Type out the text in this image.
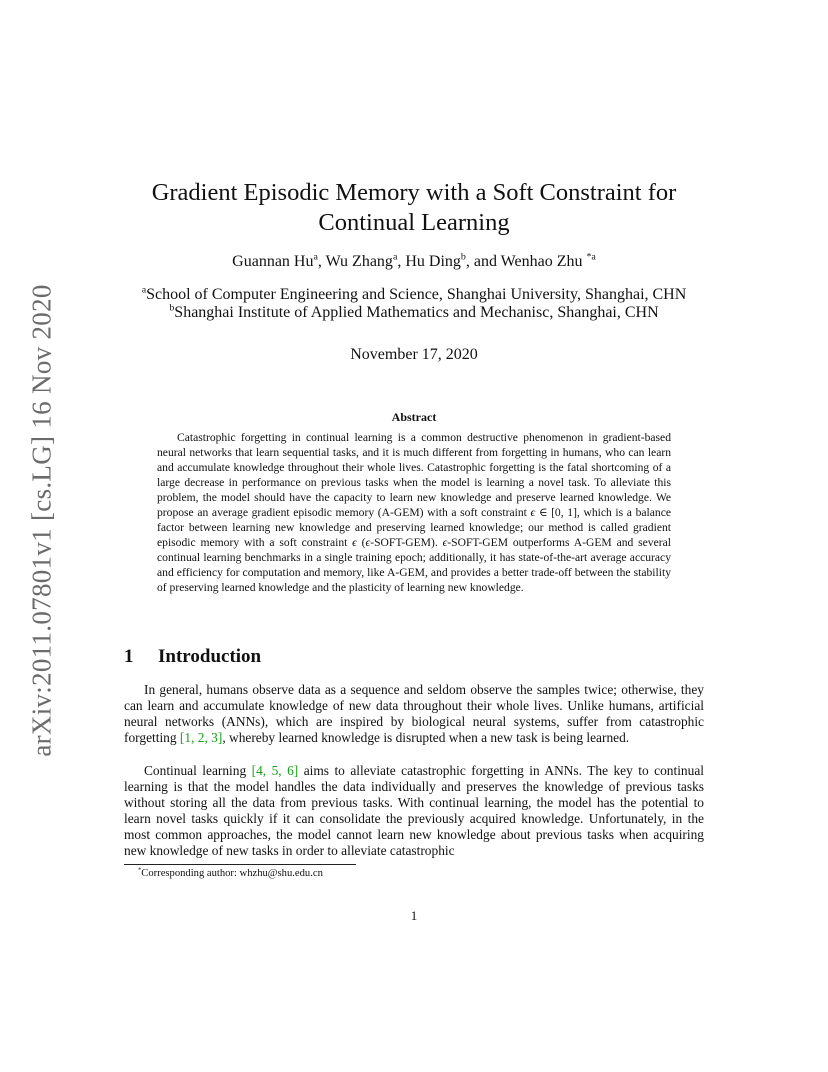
arXiv:2011.07801v1 [cs.LG] 16 Nov 2020
Gradient Episodic Memory with a Soft Constraint for
Continual Learning
Guannan Hu$^a$, Wu Zhang$^a$, Hu Ding$^b$, and Wenhao Zhu $^{*a}$
$^a$School of Computer Engineering and Science, Shanghai University, Shanghai, CHN
$^b$Shanghai Institute of Applied Mathematics and Mechanisc, Shanghai, CHN
November 17, 2020
Abstract

Catastrophic forgetting in continual learning is a common destructive phenomenon in gradient-based neural networks that learn sequential tasks, and it is much different from forgetting in humans, who can learn and accumulate knowledge throughout their whole lives. Catastrophic forgetting is the fatal shortcoming of a large decrease in performance on previous tasks when the model is learning a novel task. To alleviate this problem, the model should have the capacity to learn new knowledge and preserve learned knowledge. We propose an average gradient episodic memory (A-GEM) with a soft constraint ϵ ∈ [0, 1], which is a balance factor between learning new knowledge and preserving learned knowledge; our method is called gradient episodic memory with a soft constraint ϵ (ϵ-SOFT-GEM). ϵ-SOFT-GEM outperforms A-GEM and several continual learning benchmarks in a single training epoch; additionally, it has state-of-the-art average accuracy and efficiency for computation and memory, like A-GEM, and provides a better trade-off between the stability of preserving learned knowledge and the plasticity of learning new knowledge.

1 Introduction

In general, humans observe data as a sequence and seldom observe the samples twice; otherwise, they can learn and accumulate knowledge of new data throughout their whole lives. Unlike humans, artificial neural networks (ANNs), which are inspired by biological neural systems, suffer from catastrophic forgetting [1, 2, 3], whereby learned knowledge is disrupted when a new task is being learned.

Continual learning [4, 5, 6] aims to alleviate catastrophic forgetting in ANNs. The key to continual learning is that the model handles the data individually and preserves the knowledge of previous tasks without storing all the data from previous tasks. With continual learning, the model has the potential to learn novel tasks quickly if it can consolidate the previously acquired knowledge. Unfortunately, in the most common approaches, the model cannot learn new knowledge about previous tasks when acquiring new knowledge of new tasks in order to alleviate catastrophic

*Corresponding author: whzhu@shu.edu.cn
1
